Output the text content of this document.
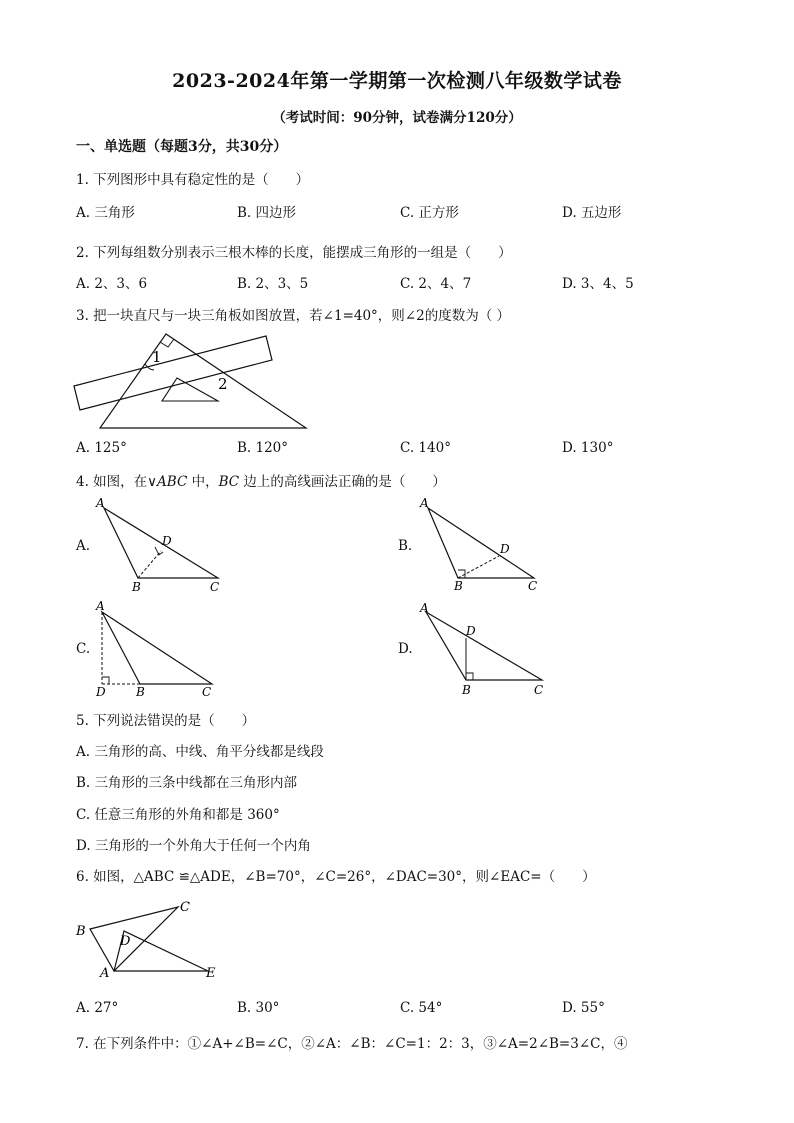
2023-2024年第一学期第一次检测八年级数学试卷
（考试时间：90分钟，试卷满分120分）
一、单选题（每题3分，共30分）
1. 下列图形中具有稳定性的是（　　）
A. 三角形	B. 四边形	C. 正方形	D. 五边形
2. 下列每组数分别表示三根木棒的长度，能摆成三角形的一组是（　　）
A. 2、3、6	B. 2、3、5	C. 2、4、7	D. 3、4、5
3. 把一块直尺与一块三角板如图放置，若∠1=40°，则∠2的度数为（ ）
1
2
A. 125°	B. 120°	C. 140°	D. 130°
4. 如图，在∨ABC 中，BC 边上的高线画法正确的是（　　）
A.
A
D
B	C
B.
A
D
B	C
C.
A
D	B	C
D.
A
D
B	C
5. 下列说法错误的是（　　）
A. 三角形的高、中线、角平分线都是线段
B. 三角形的三条中线都在三角形内部
C. 任意三角形的外角和都是 360°
D. 三角形的一个外角大于任何一个内角
6. 如图，△ABC ≌△ADE，∠B=70°，∠C=26°，∠DAC=30°，则∠EAC=（　　）
B
C
D
A	E
A. 27°	B. 30°	C. 54°	D. 55°
7. 在下列条件中：①∠A+∠B=∠C，②∠A：∠B：∠C=1：2：3，③∠A=2∠B=3∠C，④
